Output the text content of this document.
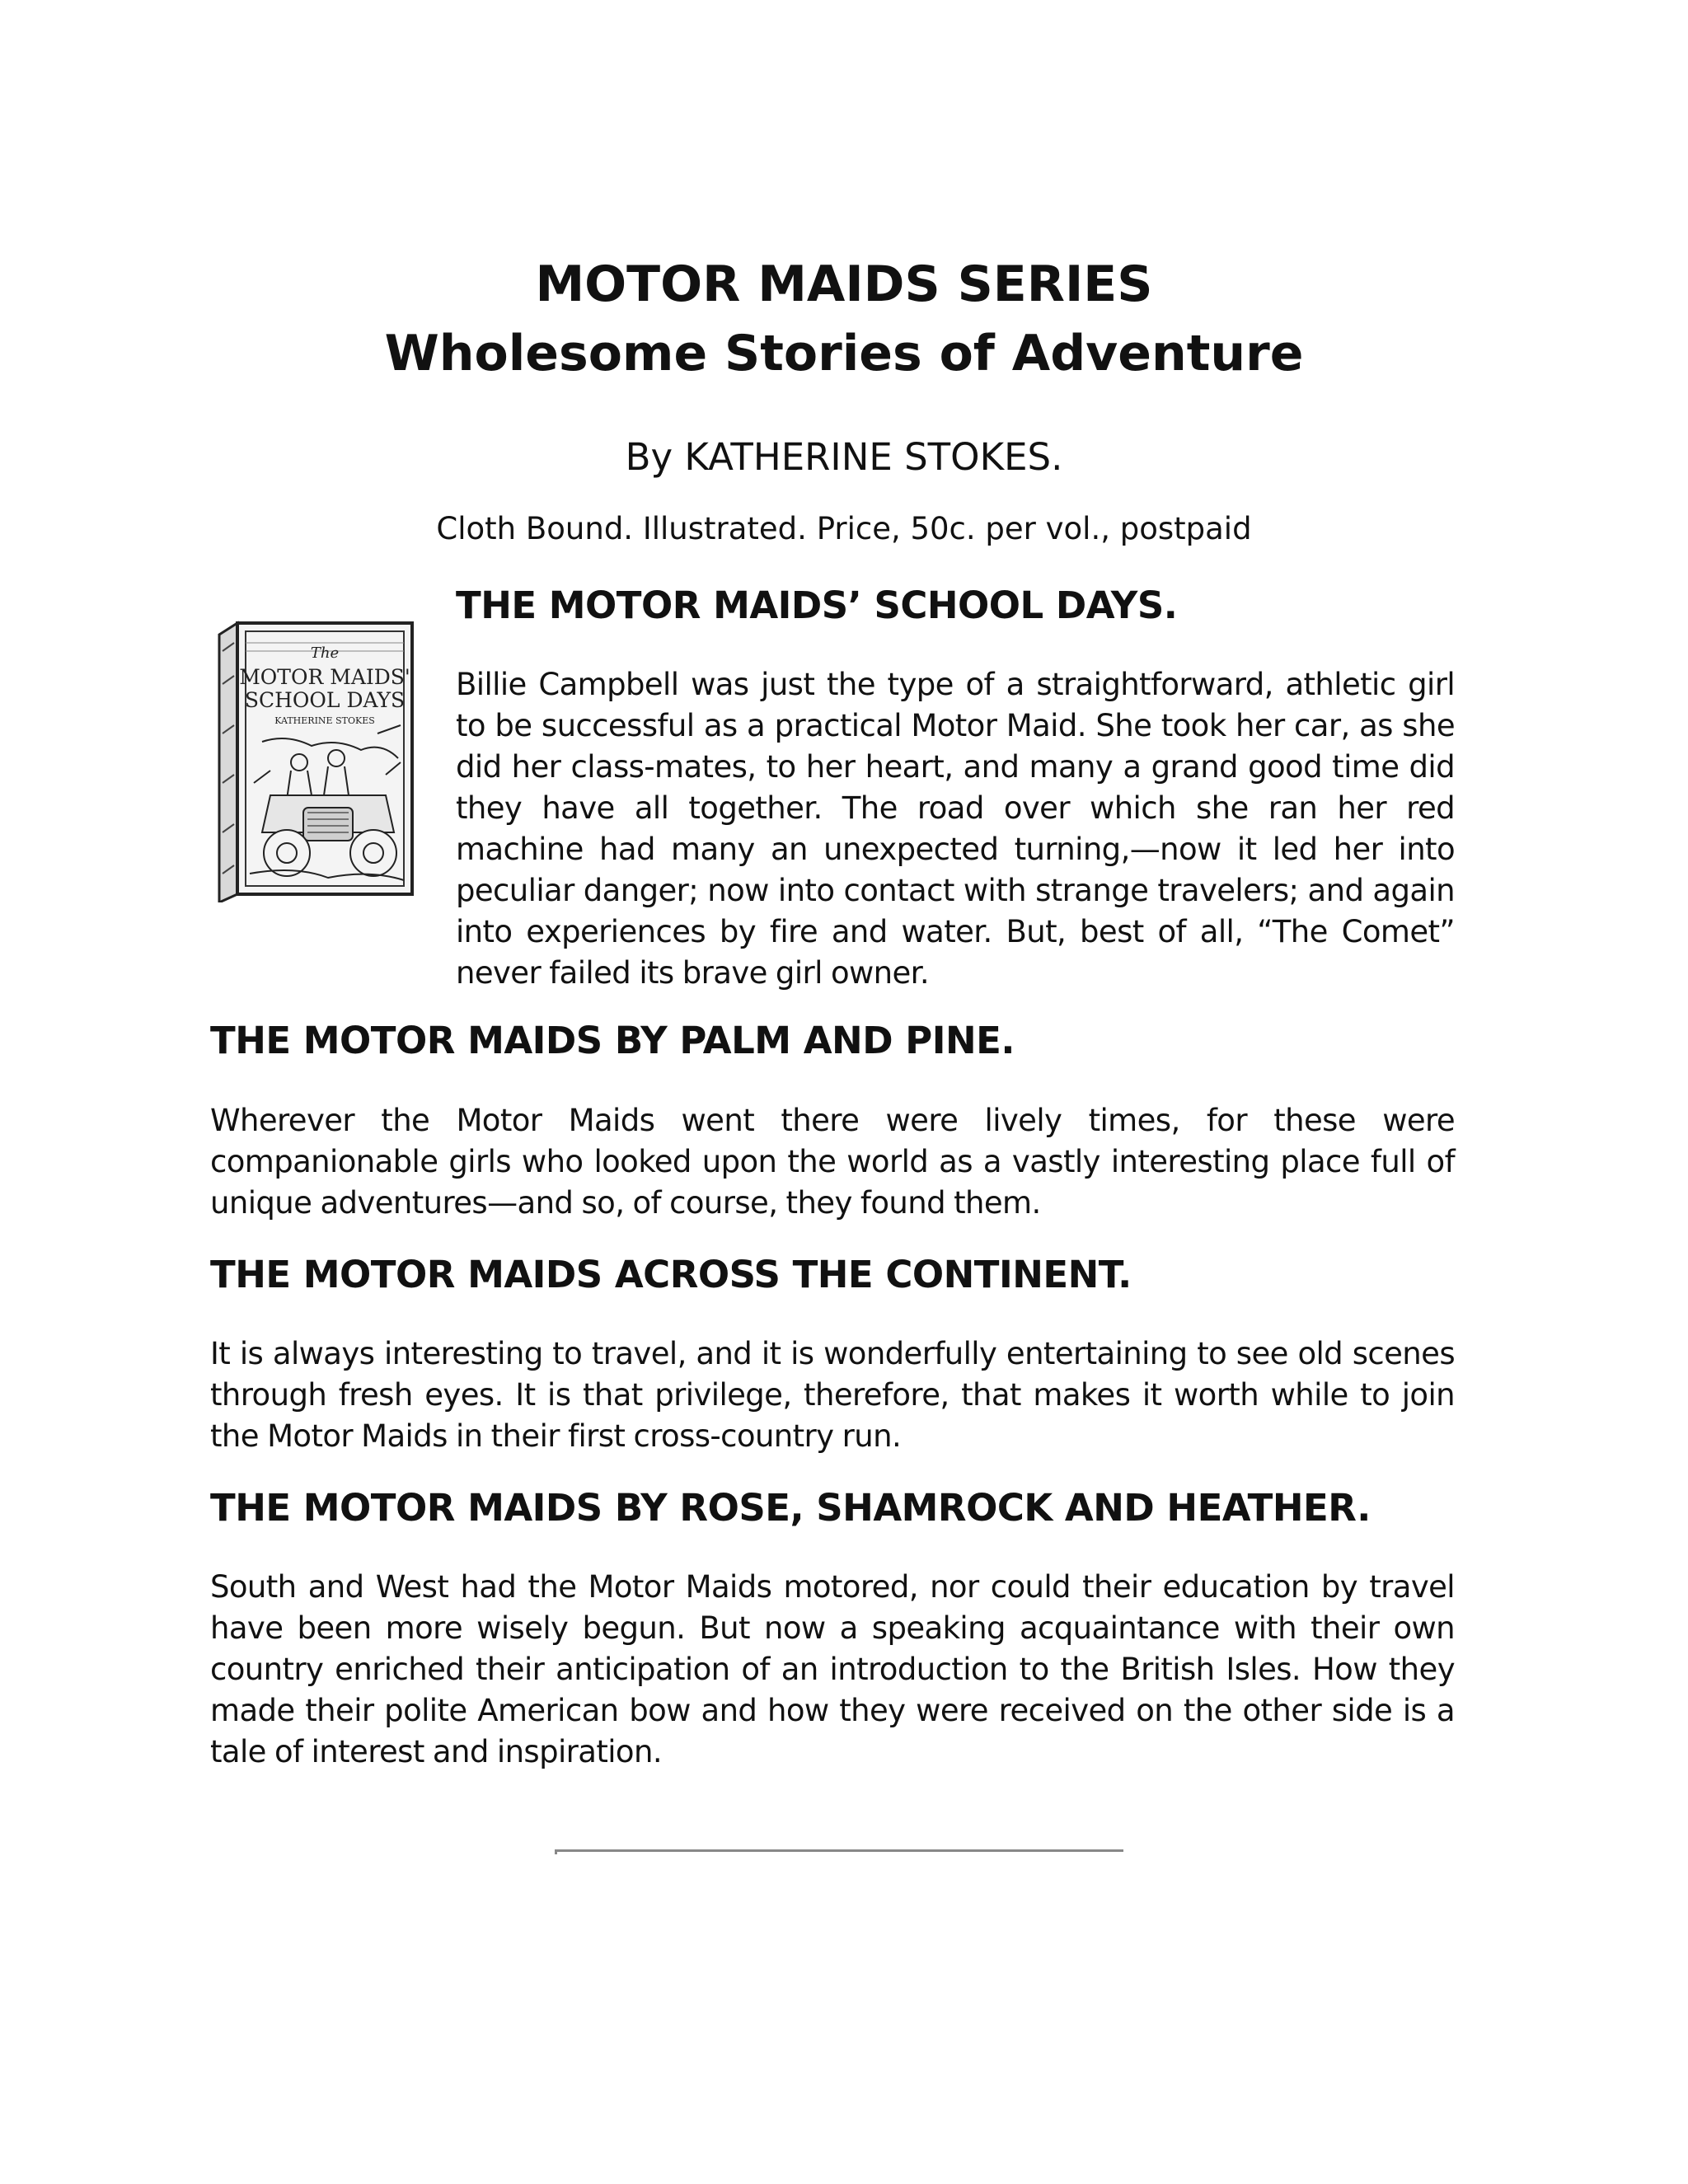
MOTOR MAIDS SERIES
Wholesome Stories of Adventure

By KATHERINE STOKES.

Cloth Bound. Illustrated. Price, 50c. per vol., postpaid

The
MOTOR MAIDS'
SCHOOL DAYS
KATHERINE STOKES
THE MOTOR MAIDS’ SCHOOL DAYS.

Billie Campbell was just the type of a straightforward, athletic girl to be successful as a practical Motor Maid. She took her car, as she did her class-mates, to her heart, and many a grand good time did they have all together. The road over which she ran her red machine had many an unexpected turning,—now it led her into peculiar danger; now into contact with strange travelers; and again into experiences by fire and water. But, best of all, “The Comet” never failed its brave girl owner.

THE MOTOR MAIDS BY PALM AND PINE.

Wherever the Motor Maids went there were lively times, for these were companionable girls who looked upon the world as a vastly interesting place full of unique adventures—and so, of course, they found them.

THE MOTOR MAIDS ACROSS THE CONTINENT.

It is always interesting to travel, and it is wonderfully entertaining to see old scenes through fresh eyes. It is that privilege, therefore, that makes it worth while to join the Motor Maids in their first cross-country run.

THE MOTOR MAIDS BY ROSE, SHAMROCK AND HEATHER.

South and West had the Motor Maids motored, nor could their education by travel have been more wisely begun. But now a speaking acquaintance with their own country enriched their anticipation of an introduction to the British Isles. How they made their polite American bow and how they were received on the other side is a tale of interest and inspiration.
